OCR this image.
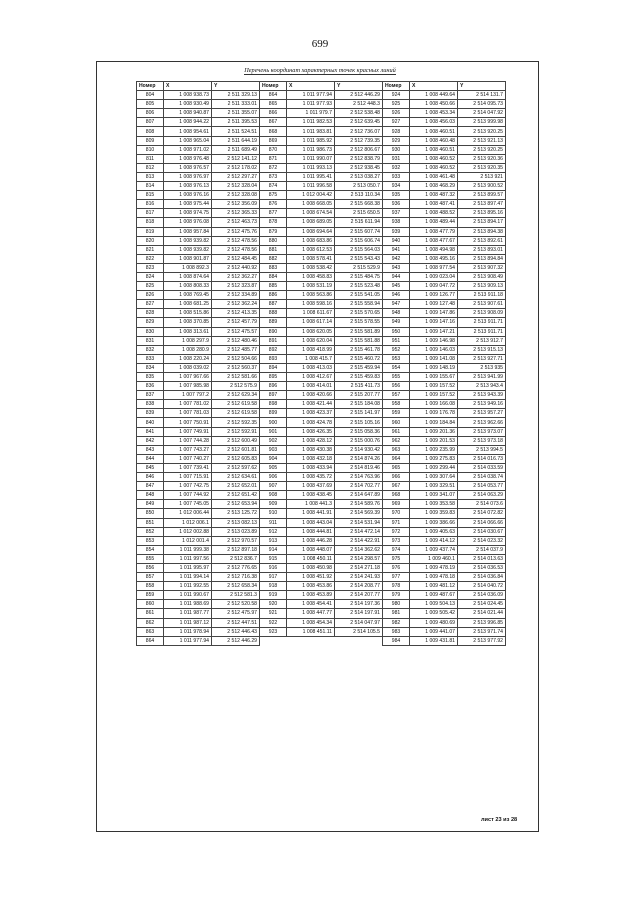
699
Перечень координат характерных точек красных линий
Номер	X	Y	Номер	X	Y	Номер	X	Y
804	1 008 938.73	2 511 329.13	864	1 011 977.94	2 512 446.29	924	1 008 449.64	2 514 131.7
805	1 008 930.49	2 511 333.01	865	1 011 977.93	2 512 448.3	925	1 008 450.66	2 514 095.73
806	1 008 940.87	2 511 355.07	866	1 011 979.7	2 512 538.48	926	1 008 453.34	2 514 047.92
807	1 008 944.22	2 511 395.53	867	1 011 982.53	2 512 639.45	927	1 008 456.03	2 513 999.98
808	1 008 954.61	2 511 524.51	868	1 011 983.81	2 512 736.07	928	1 008 460.51	2 513 920.25
809	1 008 965.04	2 511 644.19	869	1 011 985.92	2 512 739.35	929	1 008 460.48	2 513 921.13
810	1 008 971.02	2 511 689.49	870	1 011 986.73	2 512 806.67	930	1 008 460.51	2 513 920.25
811	1 008 976.48	2 512 141.12	871	1 011 990.07	2 512 838.79	931	1 008 460.52	2 513 920.36
812	1 008 976.57	2 512 178.02	872	1 011 993.13	2 512 938.45	932	1 008 460.52	2 513 920.35
813	1 008 976.97	2 512 297.27	873	1 011 995.41	2 513 038.27	933	1 008 461.48	2 513 921
814	1 008 976.13	2 512 328.04	874	1 011 996.58	2 513 050.7	934	1 008 468.29	2 513 900.52
815	1 008 976.16	2 512 328.08	875	1 012 004.42	2 513 110.34	935	1 008 487.32	2 513 899.57
816	1 008 975.44	2 512 356.09	876	1 008 668.05	2 515 668.38	936	1 008 487.41	2 513 897.47
817	1 008 974.75	2 512 365.33	877	1 008 674.54	2 515 650.5	937	1 008 488.52	2 513 895.16
818	1 008 976.08	2 512 463.73	878	1 008 689.05	2 515 611.94	938	1 008 489.44	2 513 894.17
819	1 008 957.84	2 512 475.76	879	1 008 694.64	2 515 607.74	939	1 008 477.79	2 513 894.38
820	1 008 939.82	2 512 478.56	880	1 008 683.86	2 515 606.74	940	1 008 477.67	2 513 892.61
821	1 008 939.82	2 512 478.56	881	1 008 612.53	2 515 564.03	941	1 008 494.98	2 513 893.01
822	1 008 901.87	2 512 484.45	882	1 008 578.41	2 515 543.43	942	1 008 495.16	2 513 894.84
823	1 008 892.3	2 512 440.92	883	1 008 538.42	2 515 529.9	943	1 008 977.54	2 513 907.32
824	1 008 874.64	2 512 362.27	884	1 008 458.83	2 515 484.75	944	1 009 023.04	2 513 908.49
825	1 008 808.33	2 512 323.87	885	1 008 531.19	2 515 523.48	945	1 009 047.72	2 513 909.13
826	1 008 769.45	2 512 334.89	886	1 008 563.86	2 515 541.05	946	1 009 126.77	2 513 911.18
827	1 008 681.25	2 512 362.24	887	1 008 598.16	2 515 558.94	947	1 009 127.48	2 513 907.61
828	1 008 515.86	2 512 413.35	888	1 008 611.67	2 515 570.65	948	1 009 147.86	2 513 908.09
829	1 008 370.85	2 512 457.79	889	1 008 617.14	2 515 578.55	949	1 009 147.16	2 513 911.71
830	1 008 313.61	2 512 475.57	890	1 008 620.05	2 515 581.89	950	1 009 147.21	2 513 911.71
831	1 008 297.9	2 512 480.46	891	1 008 620.04	2 515 581.88	951	1 009 146.98	2 513 912.7
832	1 008 280.9	2 512 485.77	892	1 008 418.99	2 515 461.78	952	1 009 146.03	2 513 915.13
833	1 008 220.24	2 512 504.66	893	1 008 415.7	2 515 460.72	953	1 009 141.08	2 513 927.71
834	1 008 039.02	2 512 560.37	894	1 008 413.03	2 515 459.94	954	1 009 148.19	2 513 935
835	1 007 967.66	2 512 581.66	895	1 008 412.67	2 515 459.83	955	1 009 155.67	2 513 941.99
836	1 007 985.98	2 512 575.9	896	1 008 414.01	2 515 411.73	956	1 009 157.52	2 513 943.4
837	1 007 797.2	2 512 629.34	897	1 008 420.66	2 515 207.77	957	1 009 157.52	2 513 943.39
838	1 007 781.02	2 512 619.58	898	1 008 421.44	2 515 184.08	958	1 009 166.08	2 513 949.16
839	1 007 781.03	2 512 619.58	899	1 008 423.37	2 515 141.97	959	1 009 176.78	2 513 957.27
840	1 007 750.91	2 512 592.35	900	1 008 424.78	2 515 105.16	960	1 009 184.84	2 513 962.66
841	1 007 749.91	2 512 592.91	901	1 008 426.35	2 515 058.36	961	1 009 201.36	2 513 973.07
842	1 007 744.28	2 512 600.49	902	1 008 428.12	2 515 000.76	962	1 009 201.53	2 513 973.18
843	1 007 743.27	2 512 601.81	903	1 008 430.38	2 514 930.42	963	1 009 235.99	2 513 994.5
844	1 007 740.27	2 512 605.83	904	1 008 432.18	2 514 874.26	964	1 009 275.83	2 514 016.73
845	1 007 739.41	2 512 597.62	905	1 008 433.94	2 514 819.46	965	1 009 299.44	2 514 033.59
846	1 007 715.91	2 512 634.61	906	1 008 435.72	2 514 763.96	966	1 009 307.64	2 514 038.74
847	1 007 742.75	2 512 652.01	907	1 008 437.69	2 514 702.77	967	1 009 329.51	2 514 053.77
848	1 007 744.92	2 512 651.42	908	1 008 438.45	2 514 647.89	968	1 009 341.07	2 514 063.29
849	1 007 745.05	2 512 653.94	909	1 008 441.3	2 514 589.76	969	1 009 353.58	2 514 073.6
850	1 012 006.44	2 513 125.72	910	1 008 441.91	2 514 569.39	970	1 009 359.83	2 514 072.82
851	1 012 006.1	2 513 082.13	911	1 008 443.04	2 514 531.94	971	1 009 386.66	2 514 066.66
852	1 012 002.88	2 513 023.89	912	1 008 444.81	2 514 472.14	972	1 009 405.63	2 514 030.67
853	1 012 001.4	2 512 970.57	913	1 008 446.28	2 514 422.91	973	1 009 414.12	2 514 023.32
854	1 011 999.38	2 512 897.18	914	1 008 448.07	2 514 362.62	974	1 009 437.74	2 514 037.9
855	1 011 997.56	2 512 836.7	915	1 008 450.11	2 514 298.57	975	1 009 460.1	2 514 013.63
856	1 011 995.97	2 512 776.65	916	1 008 450.98	2 514 271.18	976	1 009 478.19	2 514 036.53
857	1 011 994.14	2 512 716.38	917	1 008 451.92	2 514 241.93	977	1 009 478.18	2 514 036.84
858	1 011 992.55	2 512 658.34	918	1 008 453.86	2 514 208.77	978	1 009 481.12	2 514 040.72
859	1 011 990.67	2 512 581.3	919	1 008 453.89	2 514 207.77	979	1 009 487.67	2 514 036.09
860	1 011 988.69	2 512 520.58	920	1 008 454.41	2 514 197.36	980	1 009 504.13	2 514 024.45
861	1 011 987.77	2 512 475.97	921	1 008 447.77	2 514 197.91	981	1 009 505.42	2 514 021.44
862	1 011 987.12	2 512 447.51	922	1 008 454.34	2 514 047.97	982	1 009 480.69	2 513 996.85
863	1 011 978.94	2 512 446.43	923	1 008 451.11	2 514 105.5	983	1 009 441.07	2 513 971.74
864	1 011 977.94	2 512 446.29				984	1 009 431.81	2 513 977.92
лист 23 из 28
